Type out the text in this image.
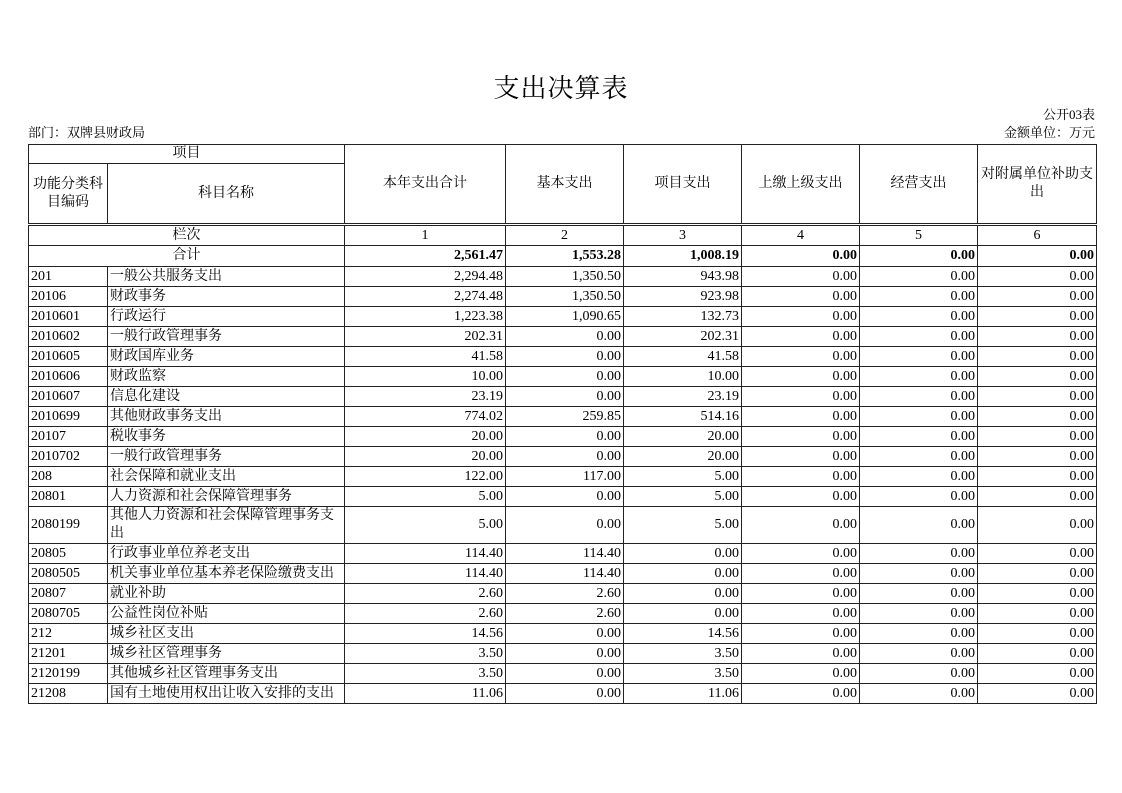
支出决算表
公开03表
部门：双牌县财政局	金额单位：万元
项目		本年支出合计	基本支出	项目支出	上缴上级支出	经营支出	对附属单位补助支出
功能分类科目编码	科目名称						
栏次		1	2	3	4	5	6
合计		2,561.47	1,553.28	1,008.19	0.00	0.00	0.00
201	一般公共服务支出	2,294.48	1,350.50	943.98	0.00	0.00	0.00
20106	财政事务	2,274.48	1,350.50	923.98	0.00	0.00	0.00
2010601	行政运行	1,223.38	1,090.65	132.73	0.00	0.00	0.00
2010602	一般行政管理事务	202.31	0.00	202.31	0.00	0.00	0.00
2010605	财政国库业务	41.58	0.00	41.58	0.00	0.00	0.00
2010606	财政监察	10.00	0.00	10.00	0.00	0.00	0.00
2010607	信息化建设	23.19	0.00	23.19	0.00	0.00	0.00
2010699	其他财政事务支出	774.02	259.85	514.16	0.00	0.00	0.00
20107	税收事务	20.00	0.00	20.00	0.00	0.00	0.00
2010702	一般行政管理事务	20.00	0.00	20.00	0.00	0.00	0.00
208	社会保障和就业支出	122.00	117.00	5.00	0.00	0.00	0.00
20801	人力资源和社会保障管理事务	5.00	0.00	5.00	0.00	0.00	0.00
2080199	其他人力资源和社会保障管理事务支出	5.00	0.00	5.00	0.00	0.00	0.00
20805	行政事业单位养老支出	114.40	114.40	0.00	0.00	0.00	0.00
2080505	机关事业单位基本养老保险缴费支出	114.40	114.40	0.00	0.00	0.00	0.00
20807	就业补助	2.60	2.60	0.00	0.00	0.00	0.00
2080705	公益性岗位补贴	2.60	2.60	0.00	0.00	0.00	0.00
212	城乡社区支出	14.56	0.00	14.56	0.00	0.00	0.00
21201	城乡社区管理事务	3.50	0.00	3.50	0.00	0.00	0.00
2120199	其他城乡社区管理事务支出	3.50	0.00	3.50	0.00	0.00	0.00
21208	国有土地使用权出让收入安排的支出	11.06	0.00	11.06	0.00	0.00	0.00
